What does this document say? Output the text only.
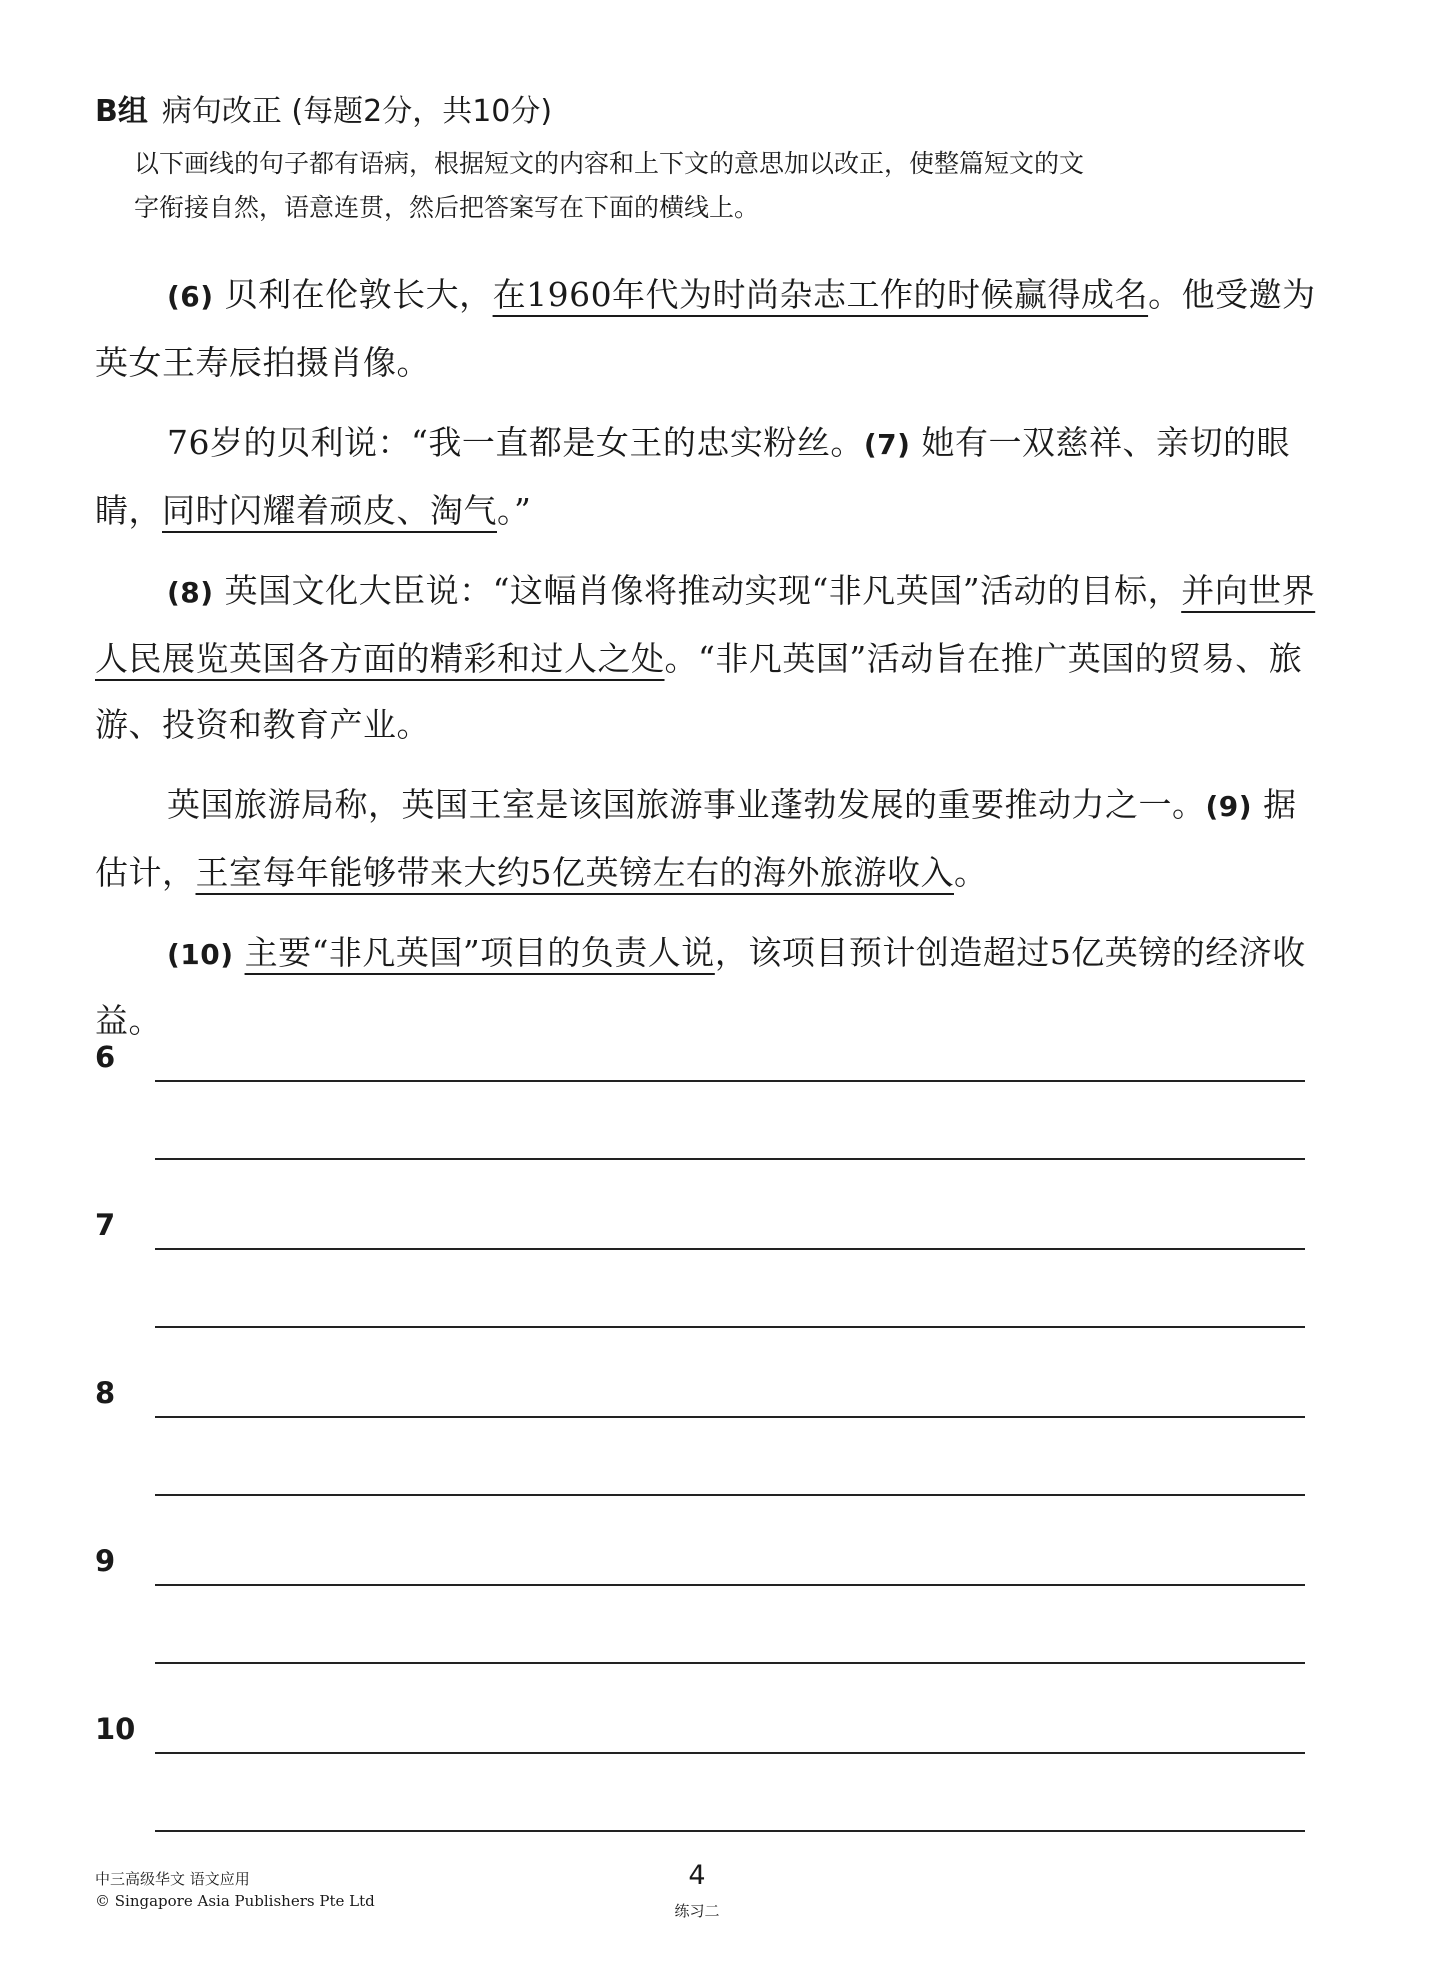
B组 病句改正 (每题2分，共10分)
以下画线的句子都有语病，根据短文的内容和上下文的意思加以改正，使整篇短文的文
字衔接自然，语意连贯，然后把答案写在下面的横线上。

(6) 贝利在伦敦长大，在1960年代为时尚杂志工作的时候赢得成名。他受邀为英女王寿辰拍摄肖像。

76岁的贝利说：“我一直都是女王的忠实粉丝。(7) 她有一双慈祥、亲切的眼睛，同时闪耀着顽皮、淘气。”

(8) 英国文化大臣说：“这幅肖像将推动实现“非凡英国”活动的目标，并向世界人民展览英国各方面的精彩和过人之处。“非凡英国”活动旨在推广英国的贸易、旅游、投资和教育产业。

英国旅游局称，英国王室是该国旅游事业蓬勃发展的重要推动力之一。(9) 据估计，王室每年能够带来大约5亿英镑左右的海外旅游收入。

(10) 主要“非凡英国”项目的负责人说，该项目预计创造超过5亿英镑的经济收益。

6
7
8
9
10
中三高级华文 语文应用
© Singapore Asia Publishers Pte Ltd
4
练习二
